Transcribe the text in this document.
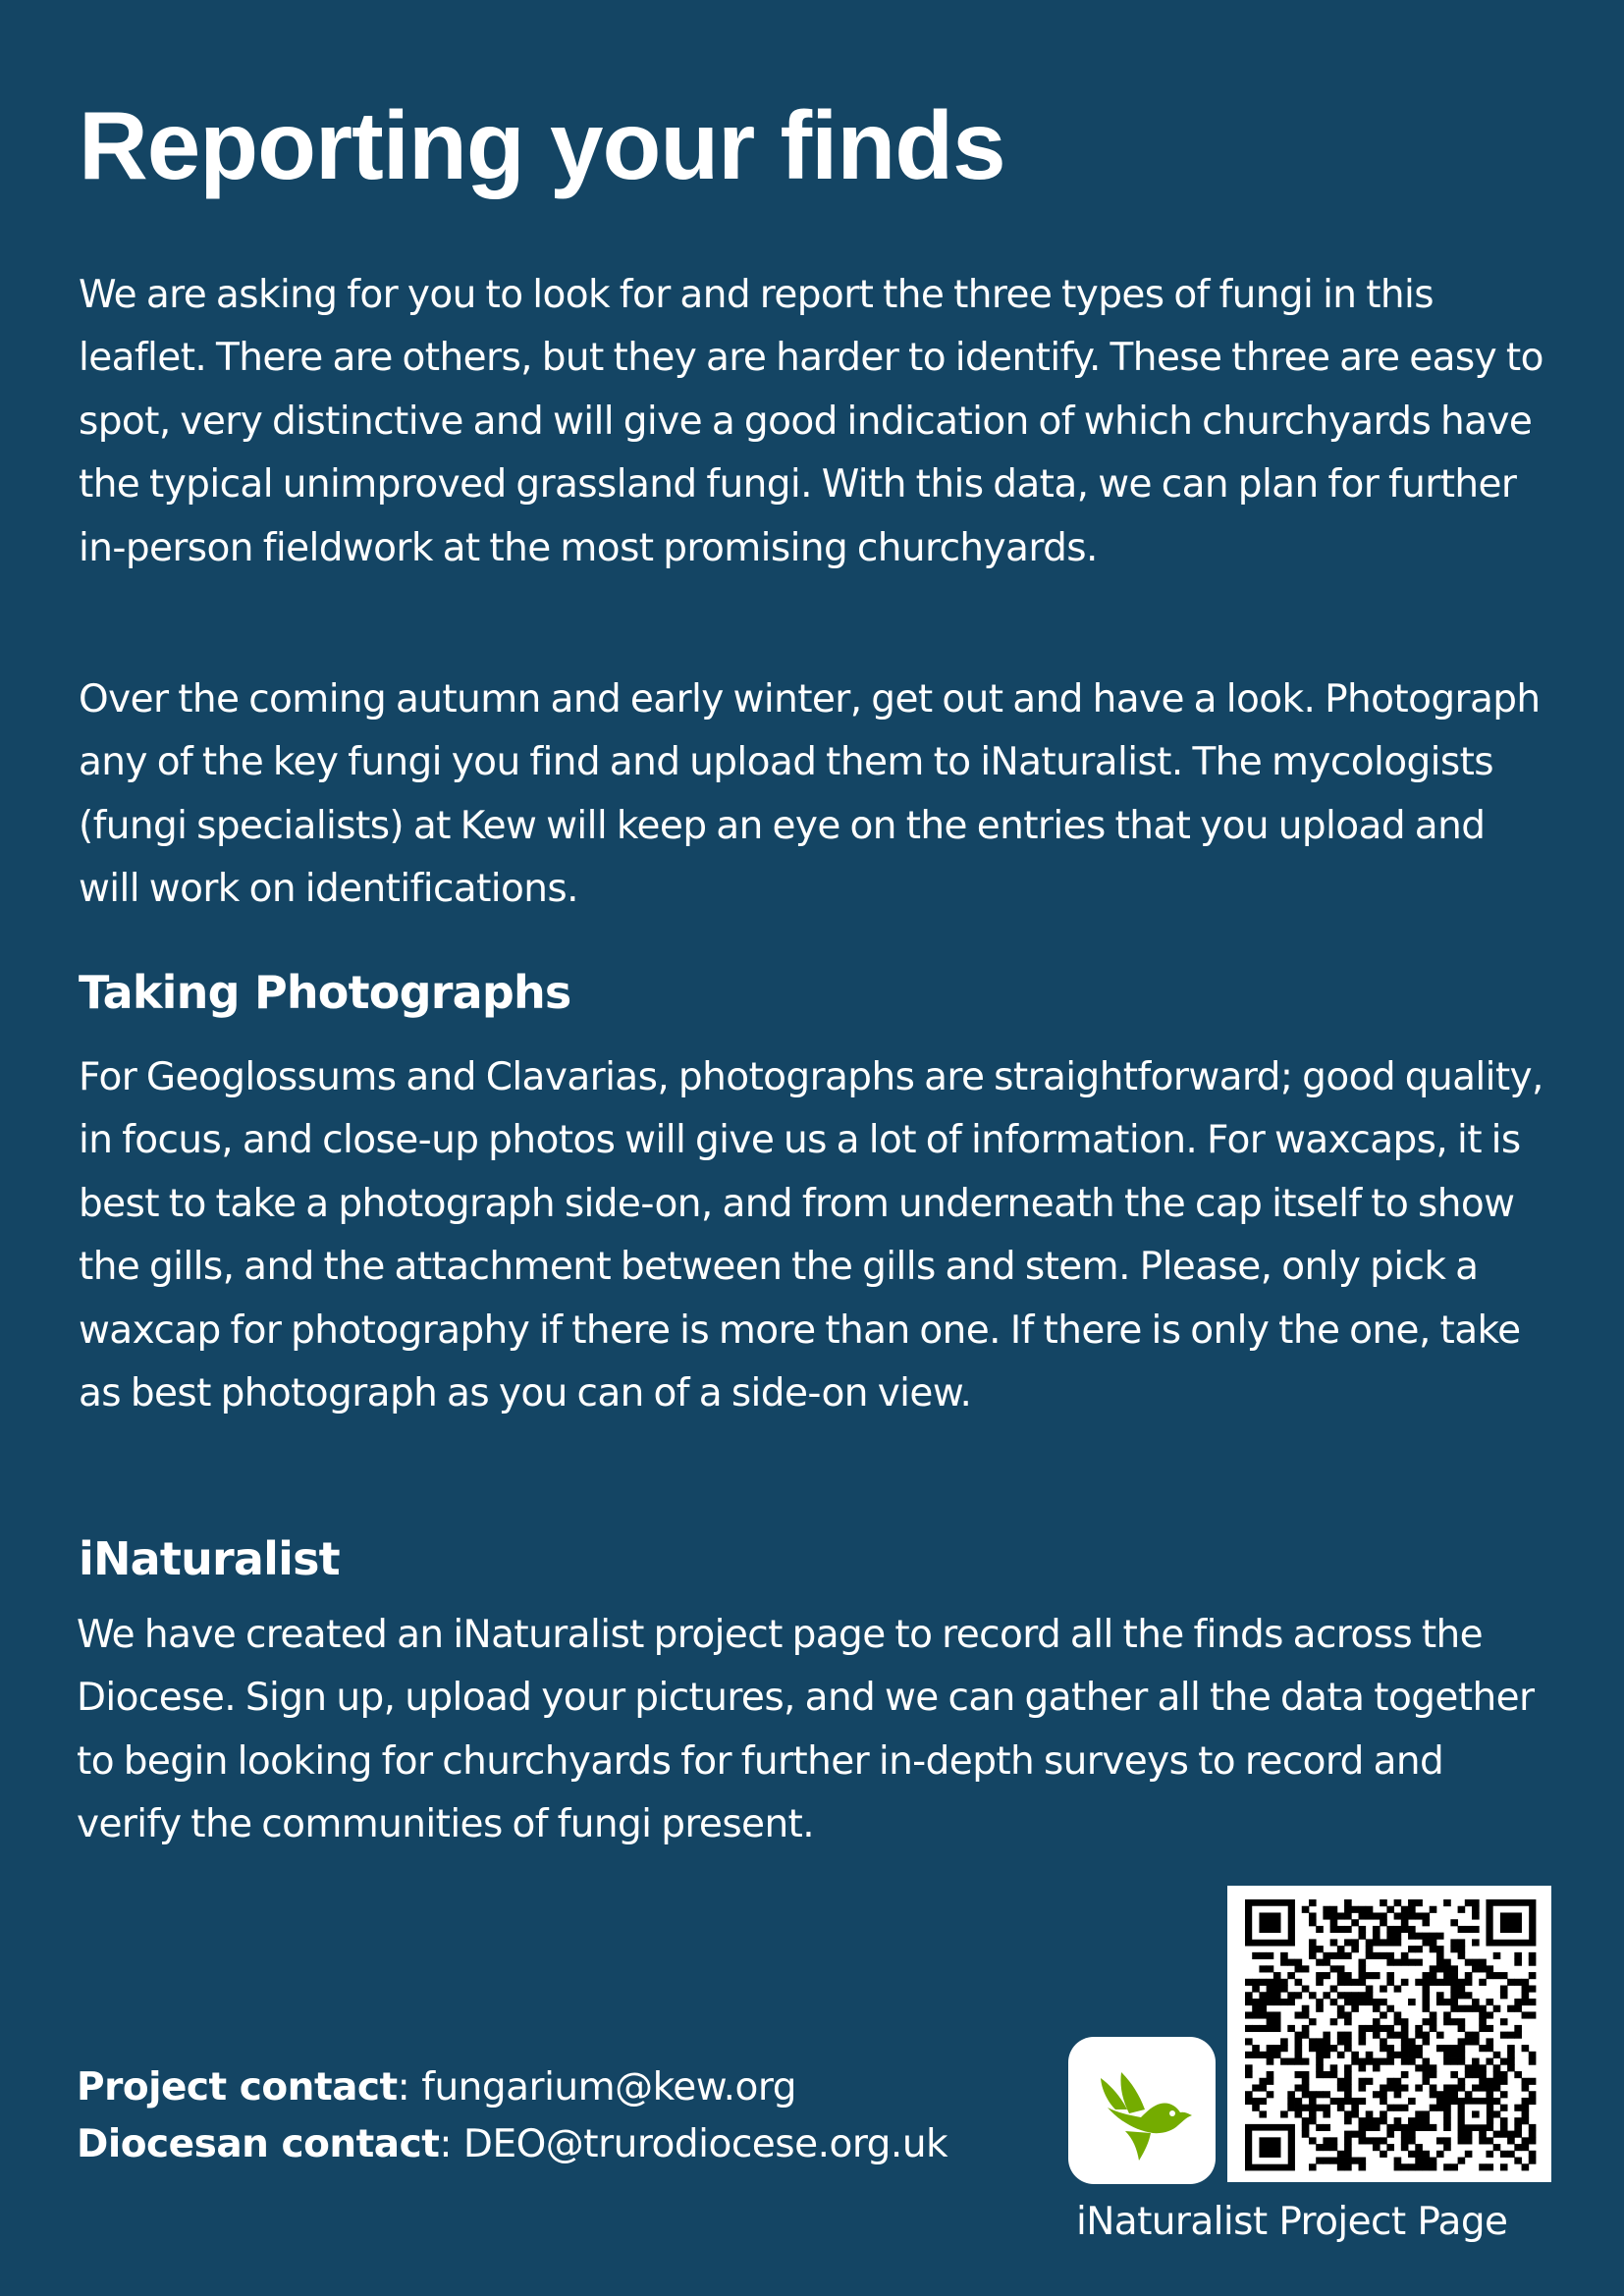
Reporting your finds

We are asking for you to look for and report the three types of fungi in this leaflet. There are others, but they are harder to identify. These three are easy to spot, very distinctive and will give a good indication of which churchyards have the typical unimproved grassland fungi. With this data, we can plan for further in-person fieldwork at the most promising churchyards.

Over the coming autumn and early winter, get out and have a look. Photograph any of the key fungi you find and upload them to iNaturalist. The mycologists (fungi specialists) at Kew will keep an eye on the entries that you upload and will work on identifications.

Taking Photographs

For Geoglossums and Clavarias, photographs are straightforward; good quality, in focus, and close-up photos will give us a lot of information. For waxcaps, it is best to take a photograph side-on, and from underneath the cap itself to show the gills, and the attachment between the gills and stem. Please, only pick a waxcap for photography if there is more than one. If there is only the one, take as best photograph as you can of a side-on view.

iNaturalist

We have created an iNaturalist project page to record all the finds across the Diocese. Sign up, upload your pictures, and we can gather all the data together to begin looking for churchyards for further in-depth surveys to record and verify the communities of fungi present.

Project contact: fungarium@kew.org
Diocesan contact: DEO@trurodiocese.org.uk
iNaturalist Project Page
